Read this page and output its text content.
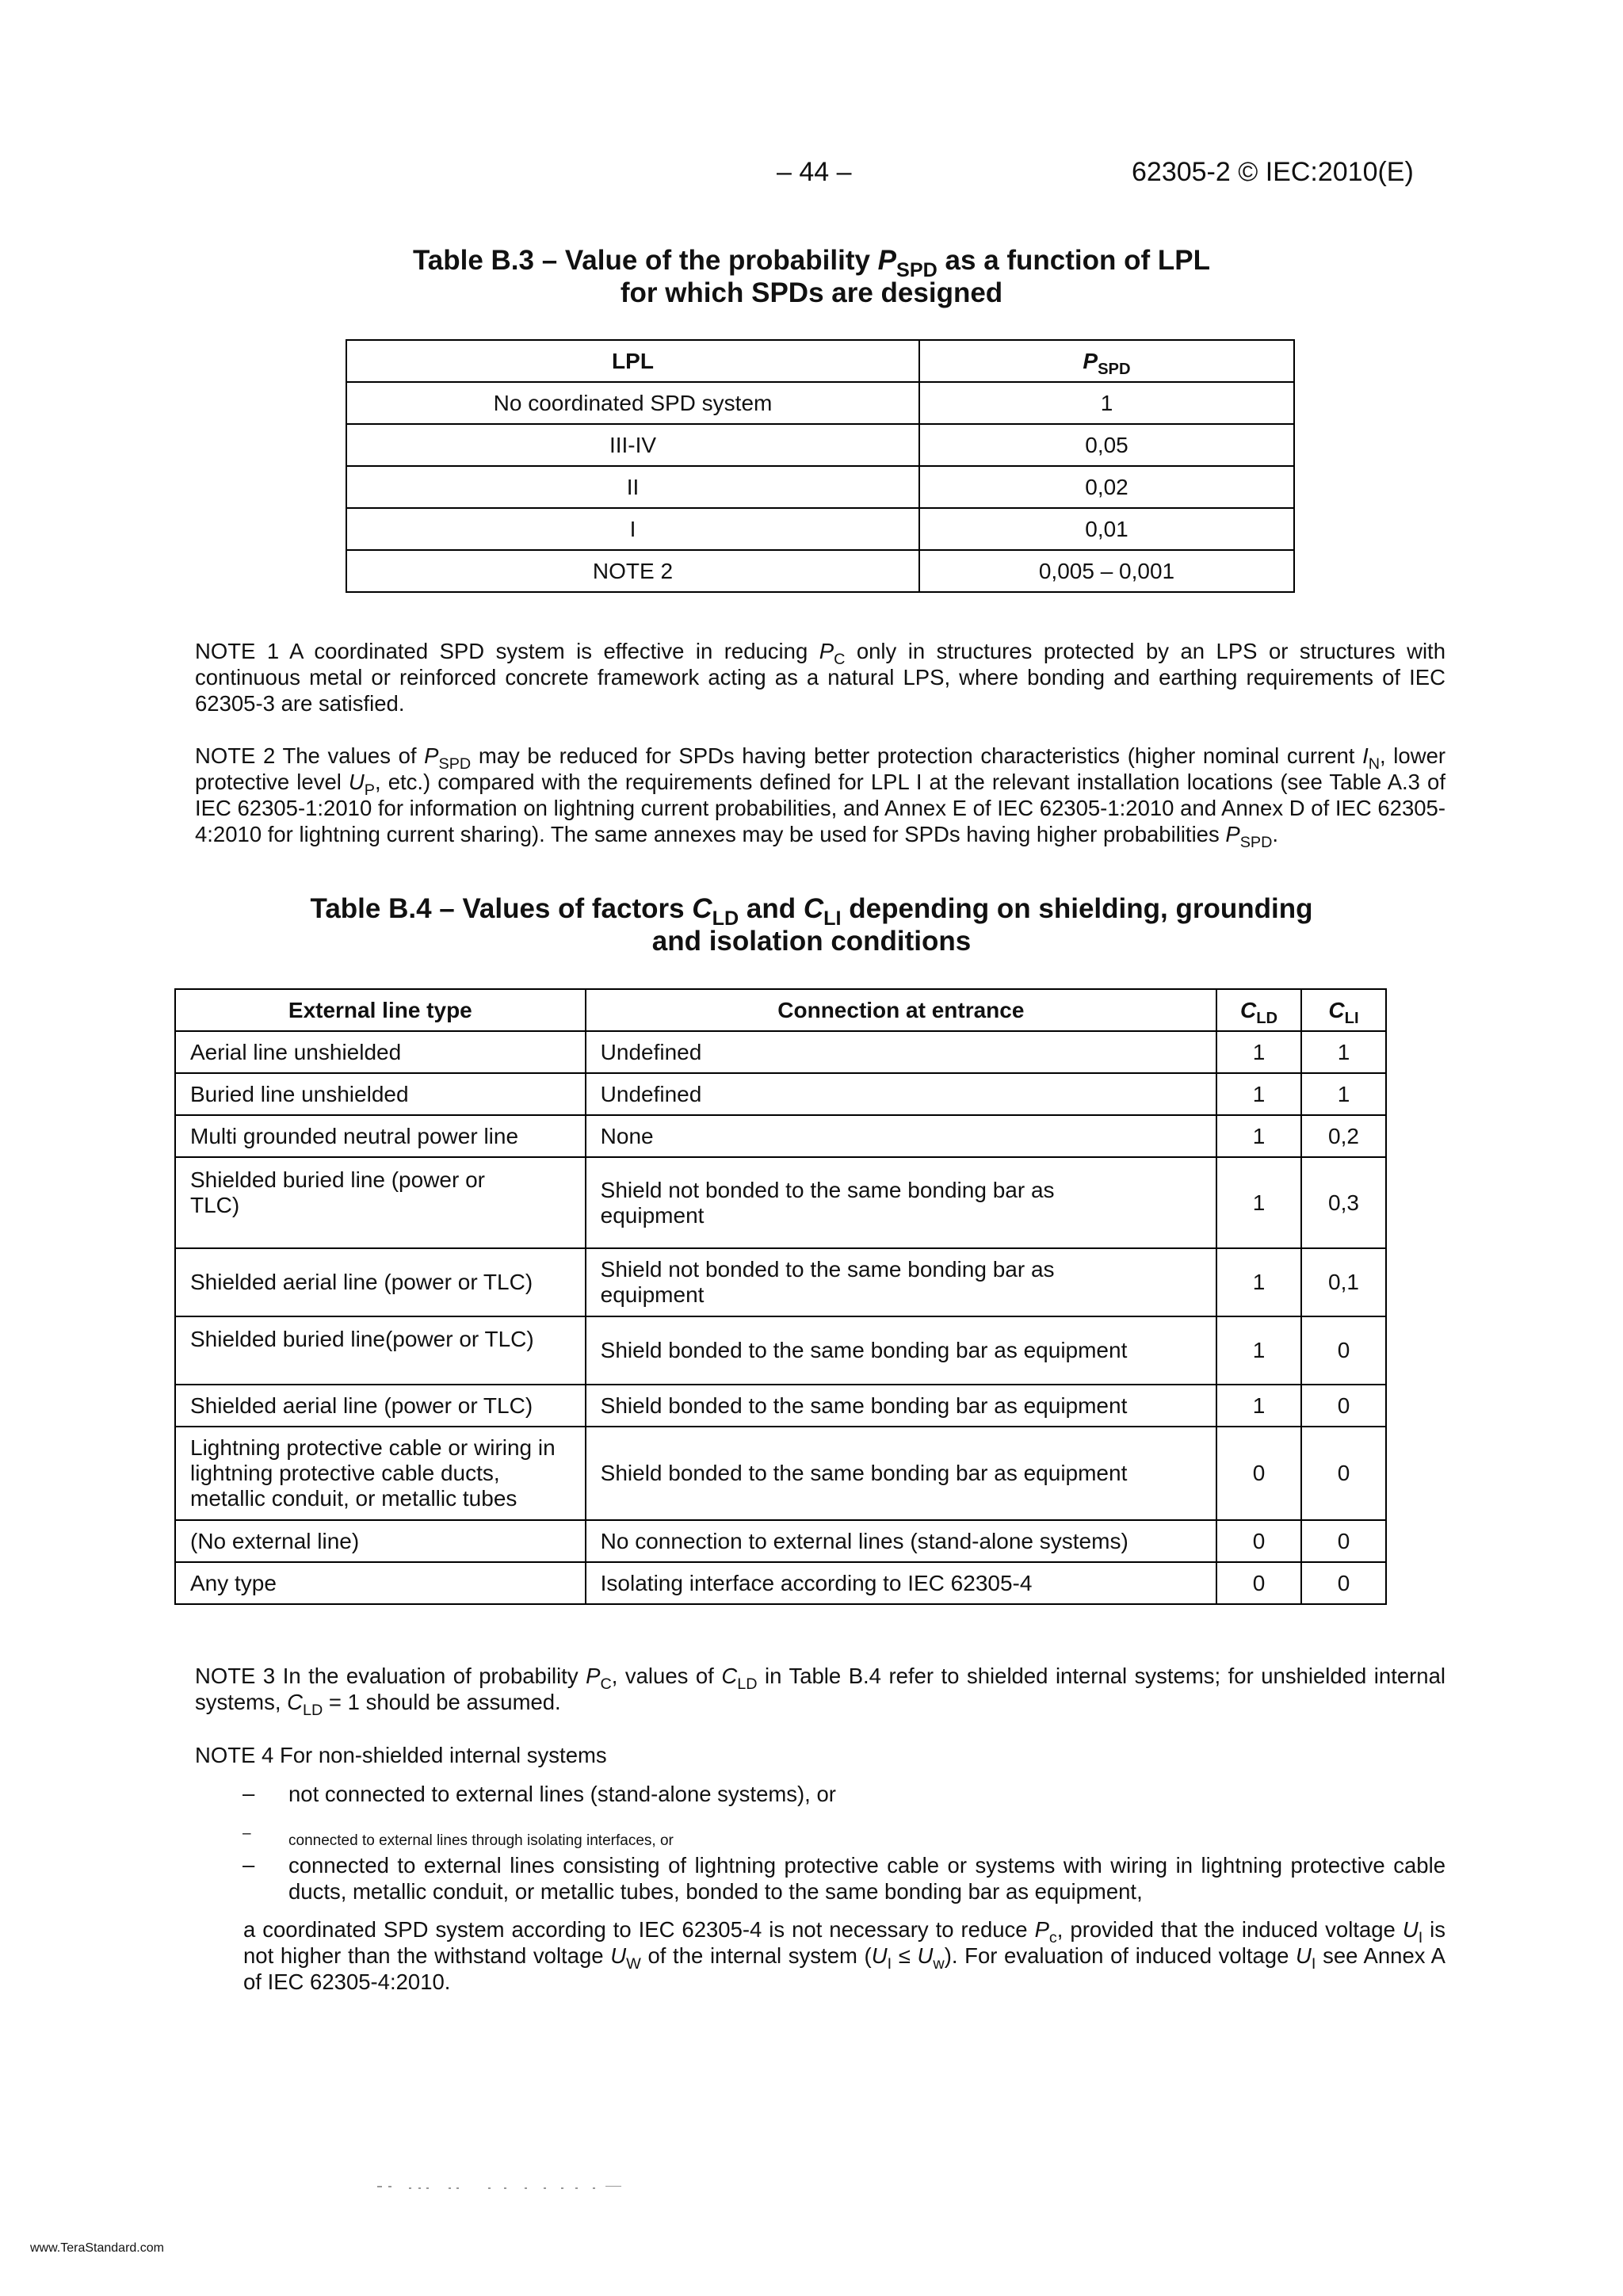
– 44 –	62305-2 © IEC:2010(E)
Table B.3 – Value of the probability $P_{SPD}$ as a function of LPL
for which SPDs are designed
LPL	$P_{SPD}$
No coordinated SPD system	1
III-IV	0,05
II	0,02
I	0,01
NOTE 2	0,005 – 0,001
NOTE 1 A coordinated SPD system is effective in reducing $P_C$ only in structures protected by an LPS or structures with continuous metal or reinforced concrete framework acting as a natural LPS, where bonding and earthing requirements of IEC 62305-3 are satisfied.
NOTE 2 The values of $P_{SPD}$ may be reduced for SPDs having better protection characteristics (higher nominal current $I_N$, lower protective level $U_P$, etc.) compared with the requirements defined for LPL I at the relevant installation locations (see Table A.3 of IEC 62305-1:2010 for information on lightning current probabilities, and Annex E of IEC 62305-1:2010 and Annex D of IEC 62305-4:2010 for lightning current sharing). The same annexes may be used for SPDs having higher probabilities $P_{SPD}$.
Table B.4 – Values of factors $C_{LD}$ and $C_{LI}$ depending on shielding, grounding
and isolation conditions
External line type	Connection at entrance	$C_{LD}$	$C_{LI}$
Aerial line unshielded	Undefined	1	1
Buried line unshielded	Undefined	1	1
Multi grounded neutral power line	None	1	0,2
Shielded buried line (power or TLC)	Shield not bonded to the same bonding bar as equipment	1	0,3
Shielded aerial line (power or TLC)	Shield not bonded to the same bonding bar as equipment	1	0,1
Shielded buried line(power or TLC)	Shield bonded to the same bonding bar as equipment	1	0
Shielded aerial line (power or TLC)	Shield bonded to the same bonding bar as equipment	1	0
Lightning protective cable or wiring in lightning protective cable ducts, metallic conduit, or metallic tubes	Shield bonded to the same bonding bar as equipment	0	0
(No external line)	No connection to external lines (stand-alone systems)	0	0
Any type	Isolating interface according to IEC 62305-4	0	0
NOTE 3 In the evaluation of probability $P_C$, values of $C_{LD}$ in Table B.4 refer to shielded internal systems; for unshielded internal systems, $C_{LD} = 1$ should be assumed.
NOTE 4 For non-shielded internal systems
– not connected to external lines (stand-alone systems), or
– connected to external lines through isolating interfaces, or
– connected to external lines consisting of lightning protective cable or systems with wiring in lightning protective cable ducts, metallic conduit, or metallic tubes, bonded to the same bonding bar as equipment,
a coordinated SPD system according to IEC 62305-4 is not necessary to reduce $P_c$, provided that the induced voltage $U_I$ is not higher than the withstand voltage $U_W$ of the internal system $(U_I \le U_w)$. For evaluation of induced voltage $U_I$ see Annex A of IEC 62305-4:2010.
www.TeraStandard.com
